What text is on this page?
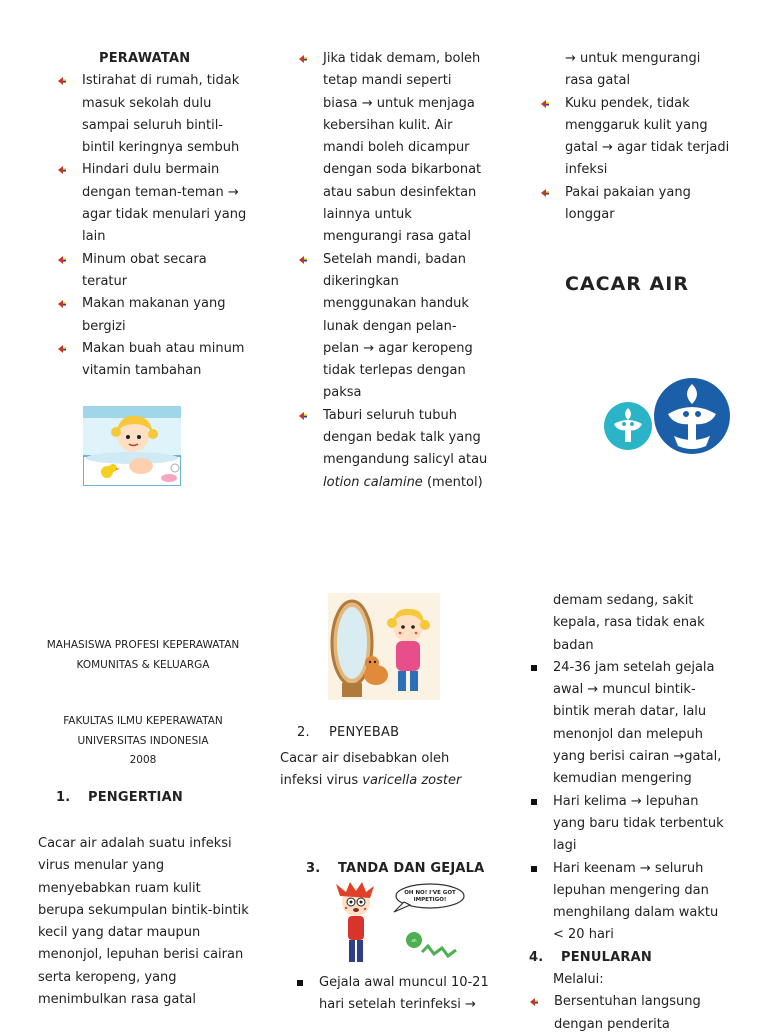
PERAWATAN
Istirahat di rumah, tidak
masuk sekolah dulu
sampai seluruh bintil-
bintil keringnya sembuh
Hindari dulu bermain
dengan teman-teman →
agar tidak menulari yang
lain
Minum obat secara
teratur
Makan makanan yang
bergizi
Makan buah atau minum
vitamin tambahan
Jika tidak demam, boleh
tetap mandi seperti
biasa → untuk menjaga
kebersihan kulit. Air
mandi boleh dicampur
dengan soda bikarbonat
atau sabun desinfektan
lainnya untuk
mengurangi rasa gatal
Setelah mandi, badan
dikeringkan
menggunakan handuk
lunak dengan pelan-
pelan → agar keropeng
tidak terlepas dengan
paksa
Taburi seluruh tubuh
dengan bedak talk yang
mengandung salicyl atau
lotion calamine (mentol)
→ untuk mengurangi
rasa gatal
Kuku pendek, tidak
menggaruk kulit yang
gatal → agar tidak terjadi
infeksi
Pakai pakaian yang
longgar
CACAR AIR
MAHASISWA PROFESI KEPERAWATAN
KOMUNITAS & KELUARGA
FAKULTAS ILMU KEPERAWATAN
UNIVERSITAS INDONESIA
2008
1. PENGERTIAN
Cacar air adalah suatu infeksi
virus menular yang
menyebabkan ruam kulit
berupa sekumpulan bintik-bintik
kecil yang datar maupun
menonjol, lepuhan berisi cairan
serta keropeng, yang
menimbulkan rasa gatal
2. PENYEBAB
Cacar air disebabkan oleh
infeksi virus varicella zoster
3. TANDA DAN GEJALA
OH NO! I'VE GOT
IMPETIGO!
ah
Gejala awal muncul 10-21
hari setelah terinfeksi →
demam sedang, sakit
kepala, rasa tidak enak
badan
24-36 jam setelah gejala
awal → muncul bintik-
bintik merah datar, lalu
menonjol dan melepuh
yang berisi cairan →gatal,
kemudian mengering
Hari kelima → lepuhan
yang baru tidak terbentuk
lagi
Hari keenam → seluruh
lepuhan mengering dan
menghilang dalam waktu
< 20 hari
4. PENULARAN
Melalui:
Bersentuhan langsung
dengan penderita
